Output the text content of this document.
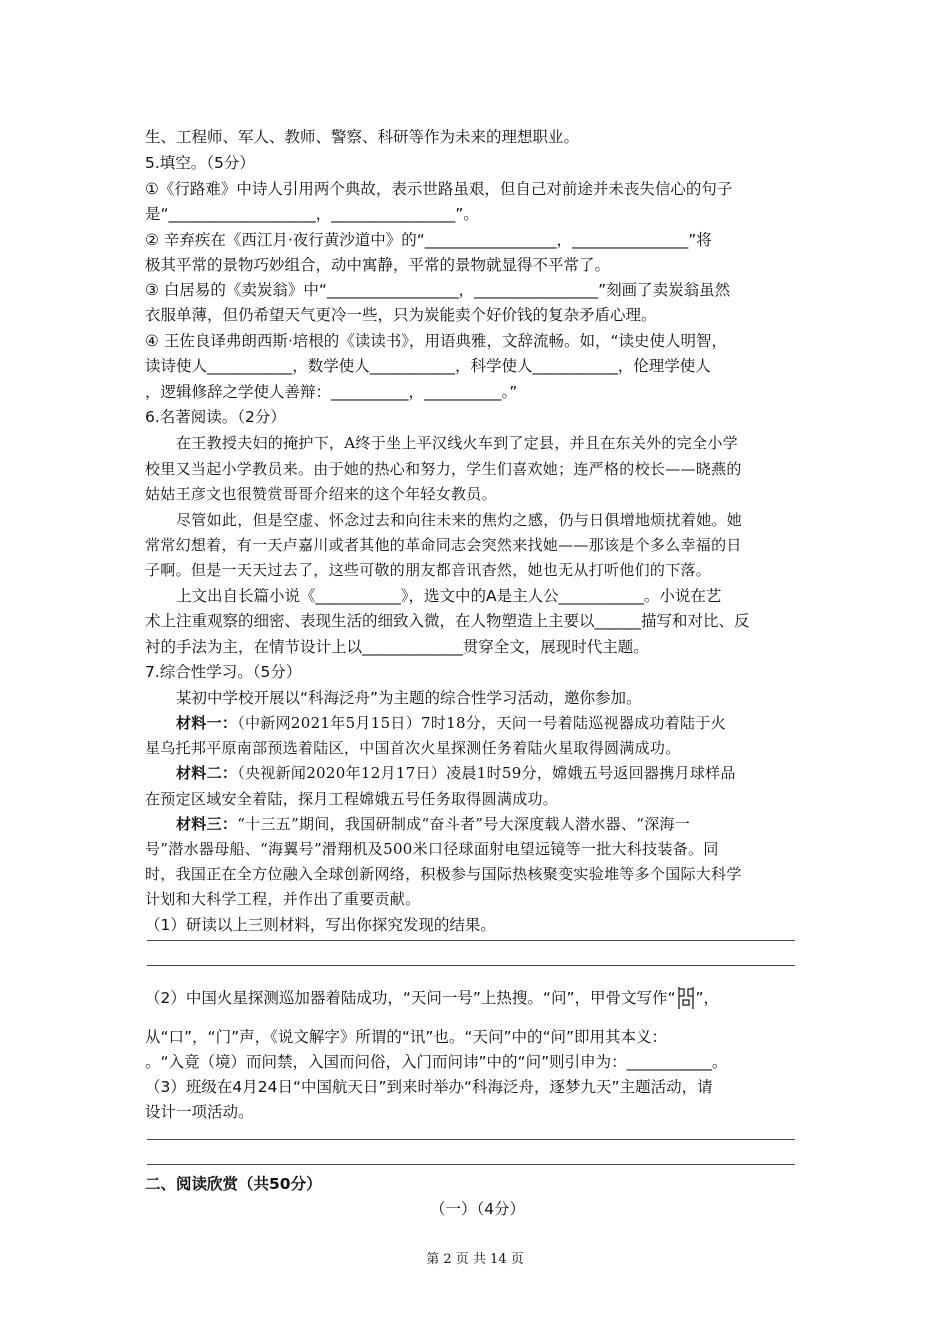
生、工程师、军人、教师、警察、科研等作为未来的理想职业。
5.填空。（5分）
①《行路难》中诗人引用两个典故，表示世路虽艰，但自己对前途并未丧失信心的句子
是“___________________，________________”。
② 辛弃疾在《西江月·夜行黄沙道中》的“_________________，_______________”将
极其平常的景物巧妙组合，动中寓静，平常的景物就显得不平常了。
③ 白居易的《卖炭翁》中“_________________，________________”刻画了卖炭翁虽然
衣服单薄，但仍希望天气更冷一些，只为炭能卖个好价钱的复杂矛盾心理。
④ 王佐良译弗朗西斯·培根的《读读书》，用语典雅，文辞流畅。如，“读史使人明智，
读诗使人___________，数学使人___________，科学使人___________，伦理学使人
，逻辑修辞之学使人善辩：__________，__________。”
6.名著阅读。（2分）
在王教授夫妇的掩护下，A终于坐上平汉线火车到了定县，并且在东关外的完全小学
校里又当起小学教员来。由于她的热心和努力，学生们喜欢她；连严格的校长——晓燕的
姑姑王彦文也很赞赏哥哥介绍来的这个年轻女教员。
尽管如此，但是空虚、怀念过去和向往未来的焦灼之感，仍与日俱增地烦扰着她。她
常常幻想着，有一天卢嘉川或者其他的革命同志会突然来找她——那该是个多么幸福的日
子啊。但是一天天过去了，这些可敬的朋友都音讯杳然，她也无从打听他们的下落。
上文出自长篇小说《___________》，选文中的A是主人公___________。小说在艺
术上注重观察的细密、表现生活的细致入微，在人物塑造上主要以______描写和对比、反
衬的手法为主，在情节设计上以_____________贯穿全文，展现时代主题。
7.综合性学习。（5分）
某初中学校开展以“科海泛舟”为主题的综合性学习活动，邀你参加。
材料一：（中新网2021年5月15日）7时18分，天问一号着陆巡视器成功着陆于火
星乌托邦平原南部预选着陆区，中国首次火星探测任务着陆火星取得圆满成功。
材料二：（央视新闻2020年12月17日）凌晨1时59分，嫦娥五号返回器携月球样品
在预定区域安全着陆，探月工程嫦娥五号任务取得圆满成功。
材料三：“十三五”期间，我国研制成“奋斗者”号大深度载人潜水器、“深海一
号”潜水器母船、“海翼号”滑翔机及500米口径球面射电望远镜等一批大科技装备。同
时，我国正在全方位融入全球创新网络，积极参与国际热核聚变实验堆等多个国际大科学
计划和大科学工程，并作出了重要贡献。
（1）研读以上三则材料，写出你探究发现的结果。
（2）中国火星探测巡加器着陆成功，“天问一号”上热搜。“问”，甲骨文写作“ ”，
从“口”，“门”声，《说文解字》所谓的“讯”也。“天问”中的“问”即用其本义：
。“入竟（境）而问禁，入国而问俗，入门而问讳”中的“问”则引申为：___________。
（3）班级在4月24日“中国航天日”到来时举办“科海泛舟，逐梦九天”主题活动，请
设计一项活动。
二、阅读欣赏（共50分）
（一）（4分）
第 2 页 共 14 页
